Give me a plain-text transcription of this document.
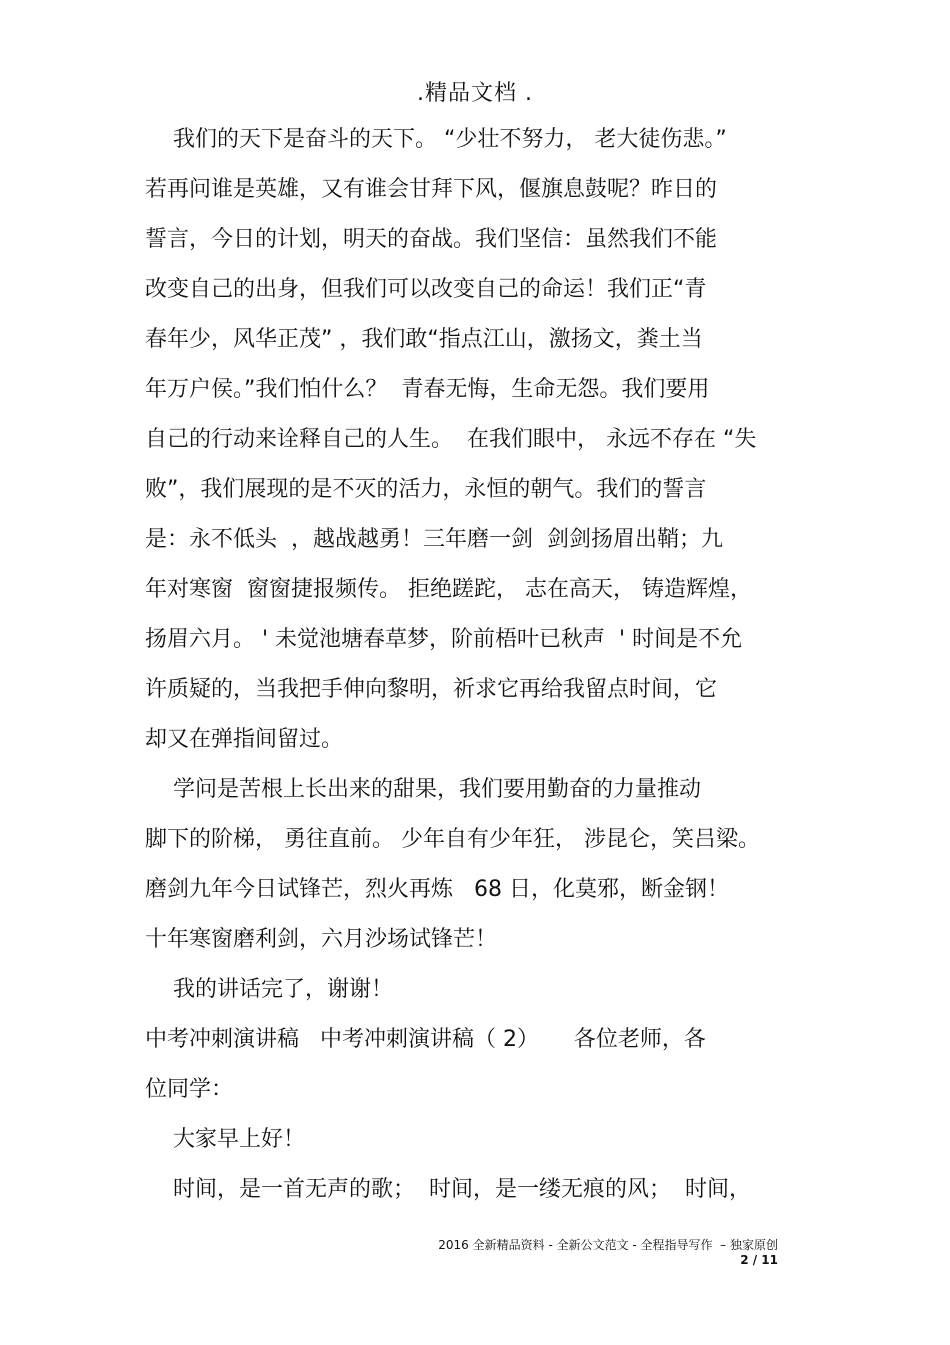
.精品文档 .
我们的天下是奋斗的天下。 “少壮不努力， 老大徒伤悲。”
若再问谁是英雄，又有谁会甘拜下风，偃旗息鼓呢？昨日的
誓言，今日的计划，明天的奋战。我们坚信：虽然我们不能
改变自己的出身，但我们可以改变自己的命运！我们正“青
春年少，风华正茂” ，我们敢“指点江山，激扬文，粪土当
年万户侯。”我们怕什么？  青春无悔，生命无怨。我们要用
自己的行动来诠释自己的人生。  在我们眼中， 永远不存在 “失
败”，我们展现的是不灭的活力，永恒的朝气。我们的誓言
是：永不低头  ，越战越勇！三年磨一剑  剑剑扬眉出鞘；九
年对寒窗  窗窗捷报频传。 拒绝蹉跎， 志在高天， 铸造辉煌，
扬眉六月。 ' 未觉池塘春草梦，阶前梧叶已秋声  ' 时间是不允
许质疑的，当我把手伸向黎明，祈求它再给我留点时间，它
却又在弹指间留过。
学问是苦根上长出来的甜果，我们要用勤奋的力量推动
脚下的阶梯， 勇往直前。 少年自有少年狂， 涉昆仑，笑吕梁。
磨剑九年今日试锋芒，烈火再炼   68 日，化莫邪，断金钢！
十年寒窗磨利剑，六月沙场试锋芒！
我的讲话完了，谢谢！
中考冲刺演讲稿   中考冲刺演讲稿（ 2）     各位老师，各
位同学：
大家早上好！
时间，是一首无声的歌；  时间，是一缕无痕的风；  时间，
2016 全新精品资料 - 全新公文范文 - 全程指导写作  – 独家原创
2 / 11
